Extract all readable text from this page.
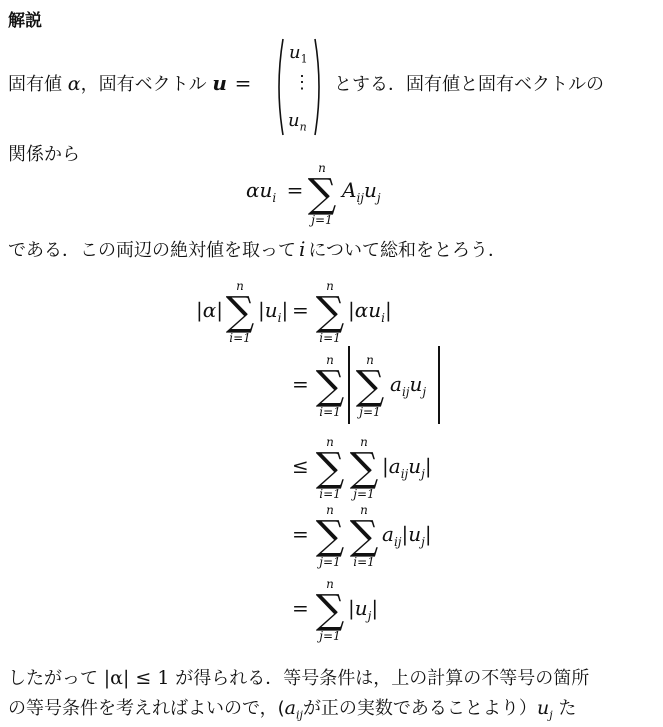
解説
固有値 α，固有ベクトル u =
$u_1$
⋮
$u_n$
とする．固有値と固有ベクトルの
関係から
$\alpha u_i$ =
n
∑
j=1
$A_{ij}u_j$
である．この両辺の絶対値を取って i について総和をとろう．
|α|
n
∑
i=1
$|u_i|$ =
n
∑
i=1
$|\alpha u_i|$
=
n
∑
i=1
n
∑
j=1
$a_{ij}u_j$
≤
n
∑
i=1
n
∑
j=1
$|a_{ij}u_j|$
=
n
∑
j=1
n
∑
i=1
$a_{ij}|u_j|$
=
n
∑
j=1
$|u_j|$
したがって |α| ≤ 1 が得られる．等号条件は，上の計算の不等号の箇所
の等号条件を考えればよいので，($a_{ij}$が正の実数であることより）$u_j$ た
